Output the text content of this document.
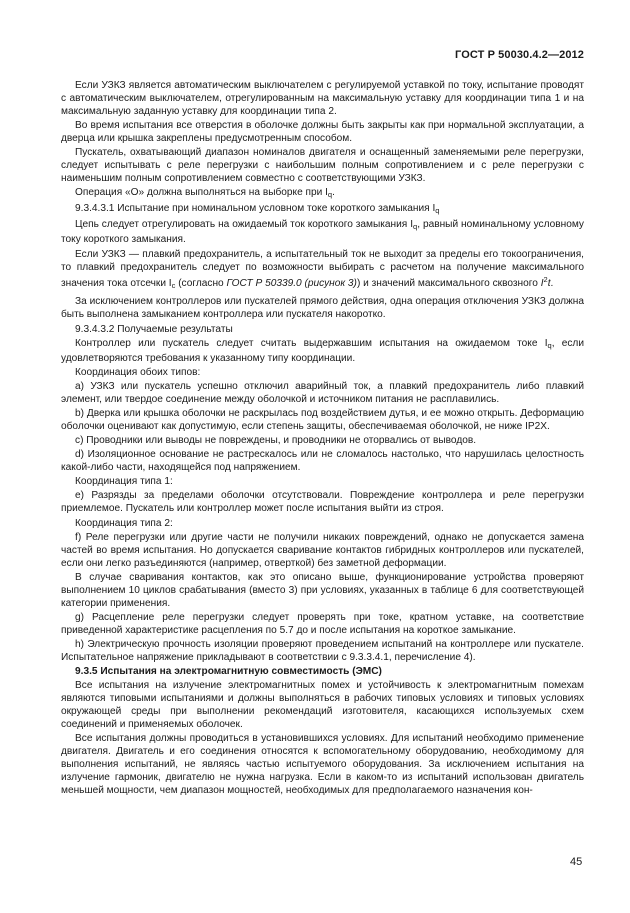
ГОСТ Р 50030.4.2—2012

Если УЗКЗ является автоматическим выключателем с регулируемой уставкой по току, испытание проводят с автоматическим выключателем, отрегулированным на максимальную уставку для координации типа 1 и на максимальную заданную уставку для координации типа 2.

Во время испытания все отверстия в оболочке должны быть закрыты как при нормальной эксплуатации, а дверца или крышка закреплены предусмотренным способом.

Пускатель, охватывающий диапазон номиналов двигателя и оснащенный заменяемыми реле перегрузки, следует испытывать с реле перегрузки с наибольшим полным сопротивлением и с реле перегрузки с наименьшим полным сопротивлением совместно с соответствующими УЗКЗ.

Операция «О» должна выполняться на выборке при $I_q$.

9.3.4.3.1 Испытание при номинальном условном токе короткого замыкания $I_q$

Цепь следует отрегулировать на ожидаемый ток короткого замыкания $I_q$, равный номинальному условному току короткого замыкания.

Если УЗКЗ — плавкий предохранитель, а испытательный ток не выходит за пределы его токоограничения, то плавкий предохранитель следует по возможности выбирать с расчетом на получение максимального значения тока отсечки $I_c$ (согласно ГОСТ Р 50339.0 (рисунок 3)) и значений максимального сквозного $I^2t$.

За исключением контроллеров или пускателей прямого действия, одна операция отключения УЗКЗ должна быть выполнена замыканием контроллера или пускателя накоротко.

9.3.4.3.2 Получаемые результаты

Контроллер или пускатель следует считать выдержавшим испытания на ожидаемом токе $I_q$, если удовлетворяются требования к указанному типу координации.

Координация обоих типов:

a) УЗКЗ или пускатель успешно отключил аварийный ток, а плавкий предохранитель либо плавкий элемент, или твердое соединение между оболочкой и источником питания не расплавились.

b) Дверка или крышка оболочки не раскрылась под воздействием дутья, и ее можно открыть. Деформацию оболочки оценивают как допустимую, если степень защиты, обеспечиваемая оболочкой, не ниже IP2X.

c) Проводники или выводы не повреждены, и проводники не оторвались от выводов.

d) Изоляционное основание не растрескалось или не сломалось настолько, что нарушилась целостность какой-либо части, находящейся под напряжением.

Координация типа 1:

e) Разрязды за пределами оболочки отсутствовали. Повреждение контроллера и реле перегрузки приемлемое. Пускатель или контроллер может после испытания выйти из строя.

Координация типа 2:

f) Реле перегрузки или другие части не получили никаких повреждений, однако не допускается замена частей во время испытания. Но допускается сваривание контактов гибридных контроллеров или пускателей, если они легко разъединяются (например, отверткой) без заметной деформации.

В случае сваривания контактов, как это описано выше, функционирование устройства проверяют выполнением 10 циклов срабатывания (вместо 3) при условиях, указанных в таблице 6 для соответствующей категории применения.

g) Расцепление реле перегрузки следует проверять при токе, кратном уставке, на соответствие приведенной характеристике расцепления по 5.7 до и после испытания на короткое замыкание.

h) Электрическую прочность изоляции проверяют проведением испытаний на контроллере или пускателе. Испытательное напряжение прикладывают в соответствии с 9.3.3.4.1, перечисление 4).

9.3.5 Испытания на электромагнитную совместимость (ЭМС)

Все испытания на излучение электромагнитных помех и устойчивость к электромагнитным помехам являются типовыми испытаниями и должны выполняться в рабочих типовых условиях и типовых условиях окружающей среды при выполнении рекомендаций изготовителя, касающихся используемых схем соединений и применяемых оболочек.

Все испытания должны проводиться в установившихся условиях. Для испытаний необходимо применение двигателя. Двигатель и его соединения относятся к вспомогательному оборудованию, необходимому для выполнения испытаний, не являясь частью испытуемого оборудования. За исключением испытания на излучение гармоник, двигателю не нужна нагрузка. Если в каком-то из испытаний использован двигатель меньшей мощности, чем диапазон мощностей, необходимых для предполагаемого назначения кон-

45
